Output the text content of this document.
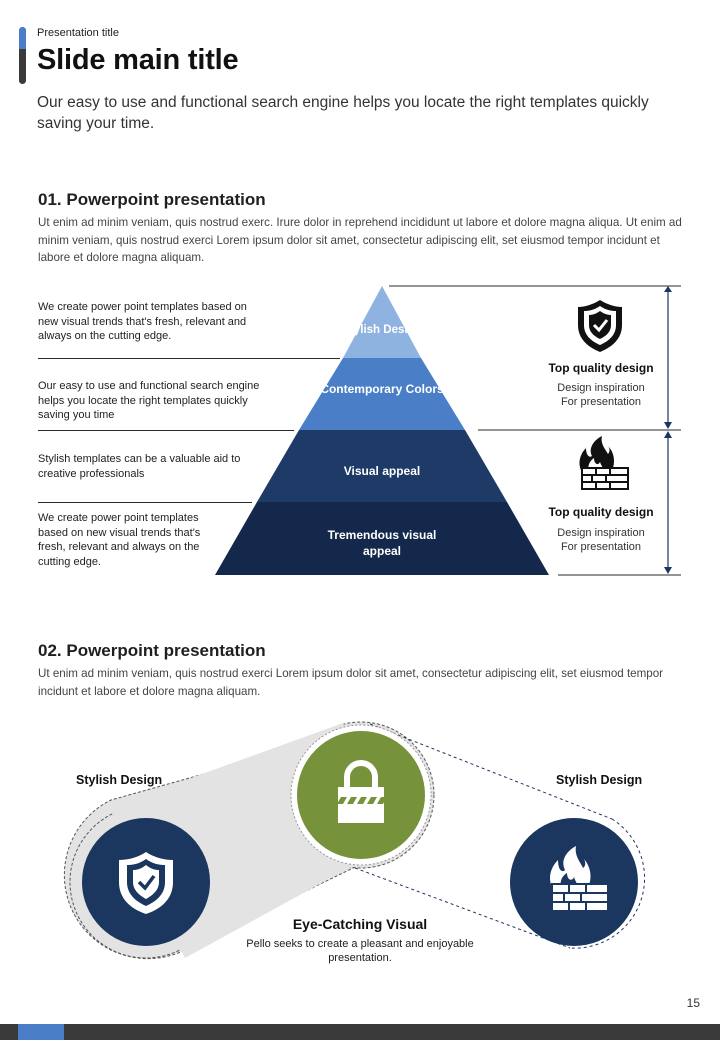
Presentation title
Slide main title
Our easy to use and functional search engine helps you locate the right templates quickly saving your time.
01. Powerpoint presentation
Ut enim ad minim veniam, quis nostrud exerc. Irure dolor in reprehend incididunt ut labore et dolore magna aliqua. Ut enim ad minim veniam, quis nostrud exerci Lorem ipsum dolor sit amet, consectetur adipiscing elit, set eiusmod tempor incidunt et labore et dolore magna aliquam.
We create power point templates based on new visual trends that's fresh, relevant and always on the cutting edge.
Our easy to use and functional search engine helps you locate the right templates quickly saving you time
Stylish templates can be a valuable aid to creative professionals
We create power point templates based on new visual trends that's fresh, relevant and always on the cutting edge.
Stylish Design
Contemporary Colors
Visual appeal
Tremendous visual appeal
Top quality design
Design inspiration
For presentation
Top quality design
Design inspiration
For presentation
02. Powerpoint presentation
Ut enim ad minim veniam, quis nostrud exerci Lorem ipsum dolor sit amet, consectetur adipiscing elit, set eiusmod tempor incidunt et labore et dolore magna aliquam.
Stylish Design	Stylish Design
Eye-Catching Visual
Pello seeks to create a pleasant and enjoyable presentation.
15
